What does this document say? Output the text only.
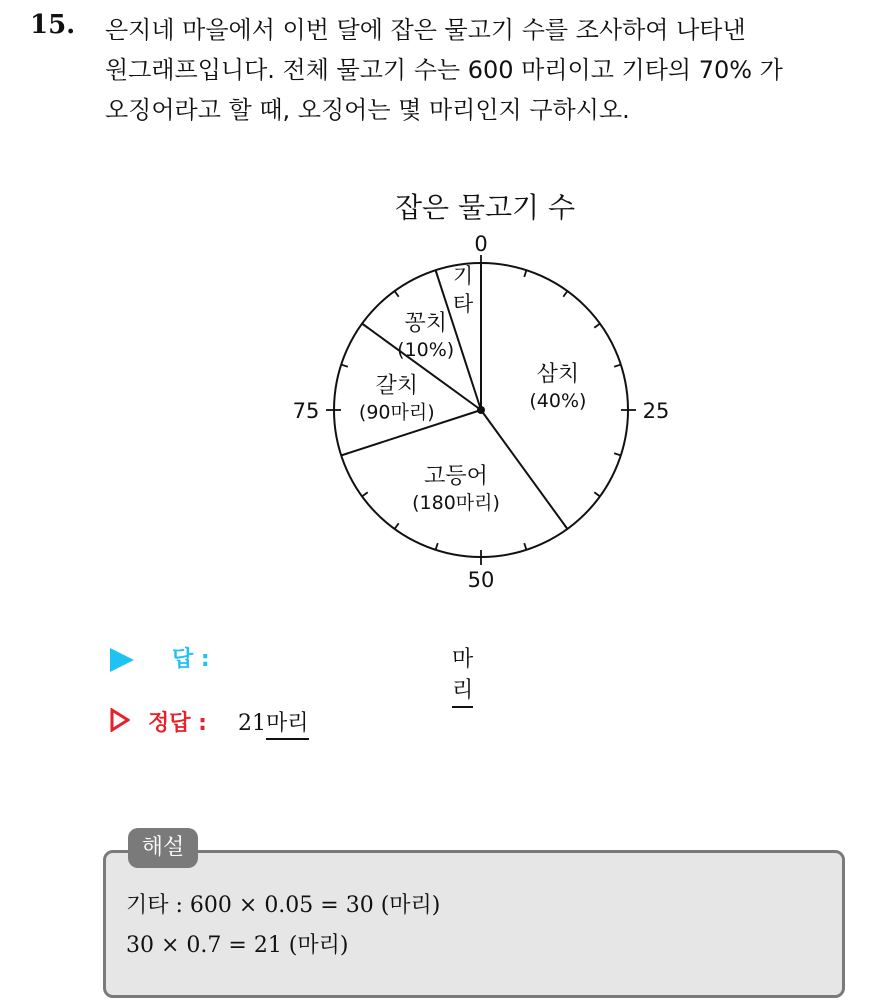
15. 은지네 마을에서 이번 달에 잡은 물고기 수를 조사하여 나타낸
원그래프입니다. 전체 물고기 수는 600 마리이고 기타의 70% 가
오징어라고 할 때, 오징어는 몇 마리인지 구하시오.
잡은 물고기 수
0
25
50
75
삼치
(40%)
고등어
(180마리)
갈치
(90마리)
꽁치
(10%)
기
타
답 :	마리
정답 : 21마리
해설
기타 : 600 × 0.05 = 30 (마리)
30 × 0.7 = 21 (마리)
